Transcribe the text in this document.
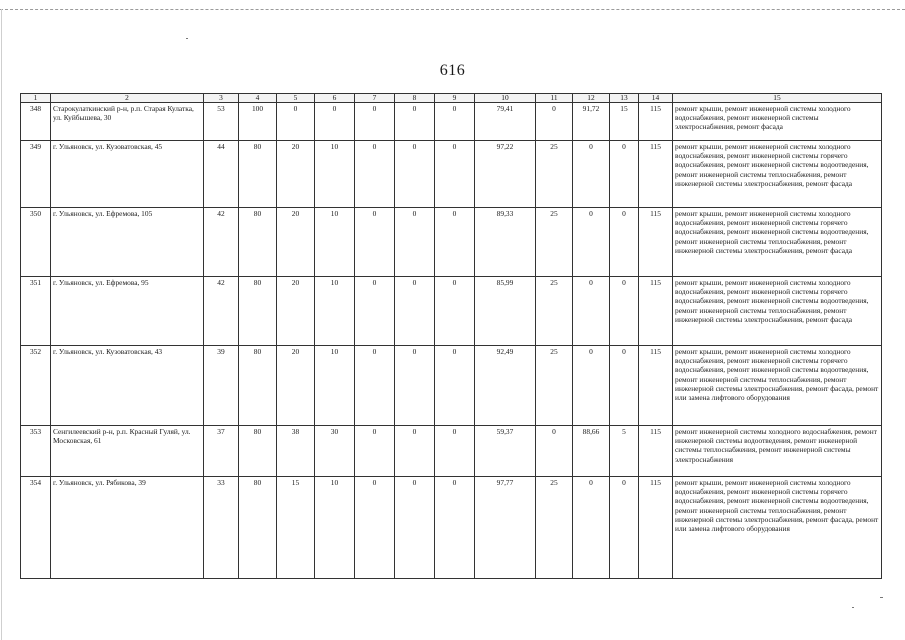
616
1	2	3	4	5	6	7	8	9	10	11	12	13	14	15
348	Старокулаткинский р-н, р.п. Старая Кулатка, ул. Куйбышева, 30	53	100	0	0	0	0	0	79,41	0	91,72	15	115	ремонт крыши, ремонт инженерной системы холодного водоснабжения, ремонт инженерной системы электроснабжения, ремонт фасада
349	г. Ульяновск, ул. Кузоватовская, 45	44	80	20	10	0	0	0	97,22	25	0	0	115	ремонт крыши, ремонт инженерной системы холодного водоснабжения, ремонт инженерной системы горячего водоснабжения, ремонт инженерной системы водоотведения, ремонт инженерной системы теплоснабжения, ремонт инженерной системы электроснабжения, ремонт фасада
350	г. Ульяновск, ул. Ефремова, 105	42	80	20	10	0	0	0	89,33	25	0	0	115	ремонт крыши, ремонт инженерной системы холодного водоснабжения, ремонт инженерной системы горячего водоснабжения, ремонт инженерной системы водоотведения, ремонт инженерной системы теплоснабжения, ремонт инженерной системы электроснабжения, ремонт фасада
351	г. Ульяновск, ул. Ефремова, 95	42	80	20	10	0	0	0	85,99	25	0	0	115	ремонт крыши, ремонт инженерной системы холодного водоснабжения, ремонт инженерной системы горячего водоснабжения, ремонт инженерной системы водоотведения, ремонт инженерной системы теплоснабжения, ремонт инженерной системы электроснабжения, ремонт фасада
352	г. Ульяновск, ул. Кузоватовская, 43	39	80	20	10	0	0	0	92,49	25	0	0	115	ремонт крыши, ремонт инженерной системы холодного водоснабжения, ремонт инженерной системы горячего водоснабжения, ремонт инженерной системы водоотведения, ремонт инженерной системы теплоснабжения, ремонт инженерной системы электроснабжения, ремонт фасада, ремонт или замена лифтового оборудования
353	Сенгилеевский р-н, р.п. Красный Гуляй, ул. Московская, 61	37	80	38	30	0	0	0	59,37	0	88,66	5	115	ремонт инженерной системы холодного водоснабжения, ремонт инженерной системы водоотведения, ремонт инженерной системы теплоснабжения, ремонт инженерной системы электроснабжения
354	г. Ульяновск, ул. Рябикова, 39	33	80	15	10	0	0	0	97,77	25	0	0	115	ремонт крыши, ремонт инженерной системы холодного водоснабжения, ремонт инженерной системы горячего водоснабжения, ремонт инженерной системы водоотведения, ремонт инженерной системы теплоснабжения, ремонт инженерной системы электроснабжения, ремонт фасада, ремонт или замена лифтового оборудования
